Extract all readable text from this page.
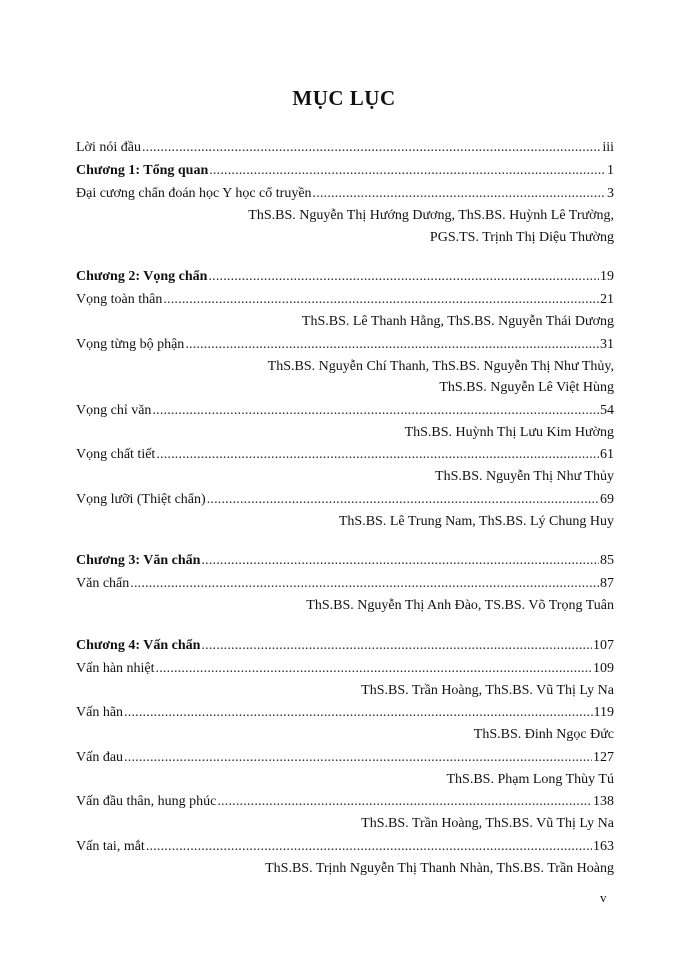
MỤC LỤC
Lời nói đầu .....	iii
Chương 1: Tổng quan .....	1
Đại cương chẩn đoán học Y học cổ truyền .....	3
ThS.BS. Nguyễn Thị Hướng Dương, ThS.BS. Huỳnh Lê Trường,
PGS.TS. Trịnh Thị Diệu Thường
Chương 2: Vọng chẩn .....	19
Vọng toàn thân .....	21
ThS.BS. Lê Thanh Hằng, ThS.BS. Nguyễn Thái Dương
Vọng từng bộ phận .....	31
ThS.BS. Nguyễn Chí Thanh, ThS.BS. Nguyễn Thị Như Thủy,
ThS.BS. Nguyễn Lê Việt Hùng
Vọng chỉ văn .....	54
ThS.BS. Huỳnh Thị Lưu Kim Hường
Vọng chất tiết .....	61
ThS.BS. Nguyễn Thị Như Thủy
Vọng lưỡi (Thiệt chẩn) .....	69
ThS.BS. Lê Trung Nam, ThS.BS. Lý Chung Huy
Chương 3: Văn chẩn .....	85
Văn chẩn .....	87
ThS.BS. Nguyễn Thị Anh Đào, TS.BS. Võ Trọng Tuân
Chương 4: Vấn chẩn .....	107
Vấn hàn nhiệt .....	109
ThS.BS. Trần Hoàng, ThS.BS. Vũ Thị Ly Na
Vấn hãn .....	119
ThS.BS. Đinh Ngọc Đức
Vấn đau .....	127
ThS.BS. Phạm Long Thùy Tú
Vấn đầu thân, hung phúc .....	138
ThS.BS. Trần Hoàng, ThS.BS. Vũ Thị Ly Na
Vấn tai, mắt .....	163
ThS.BS. Trịnh Nguyễn Thị Thanh Nhàn, ThS.BS. Trần Hoàng
v
